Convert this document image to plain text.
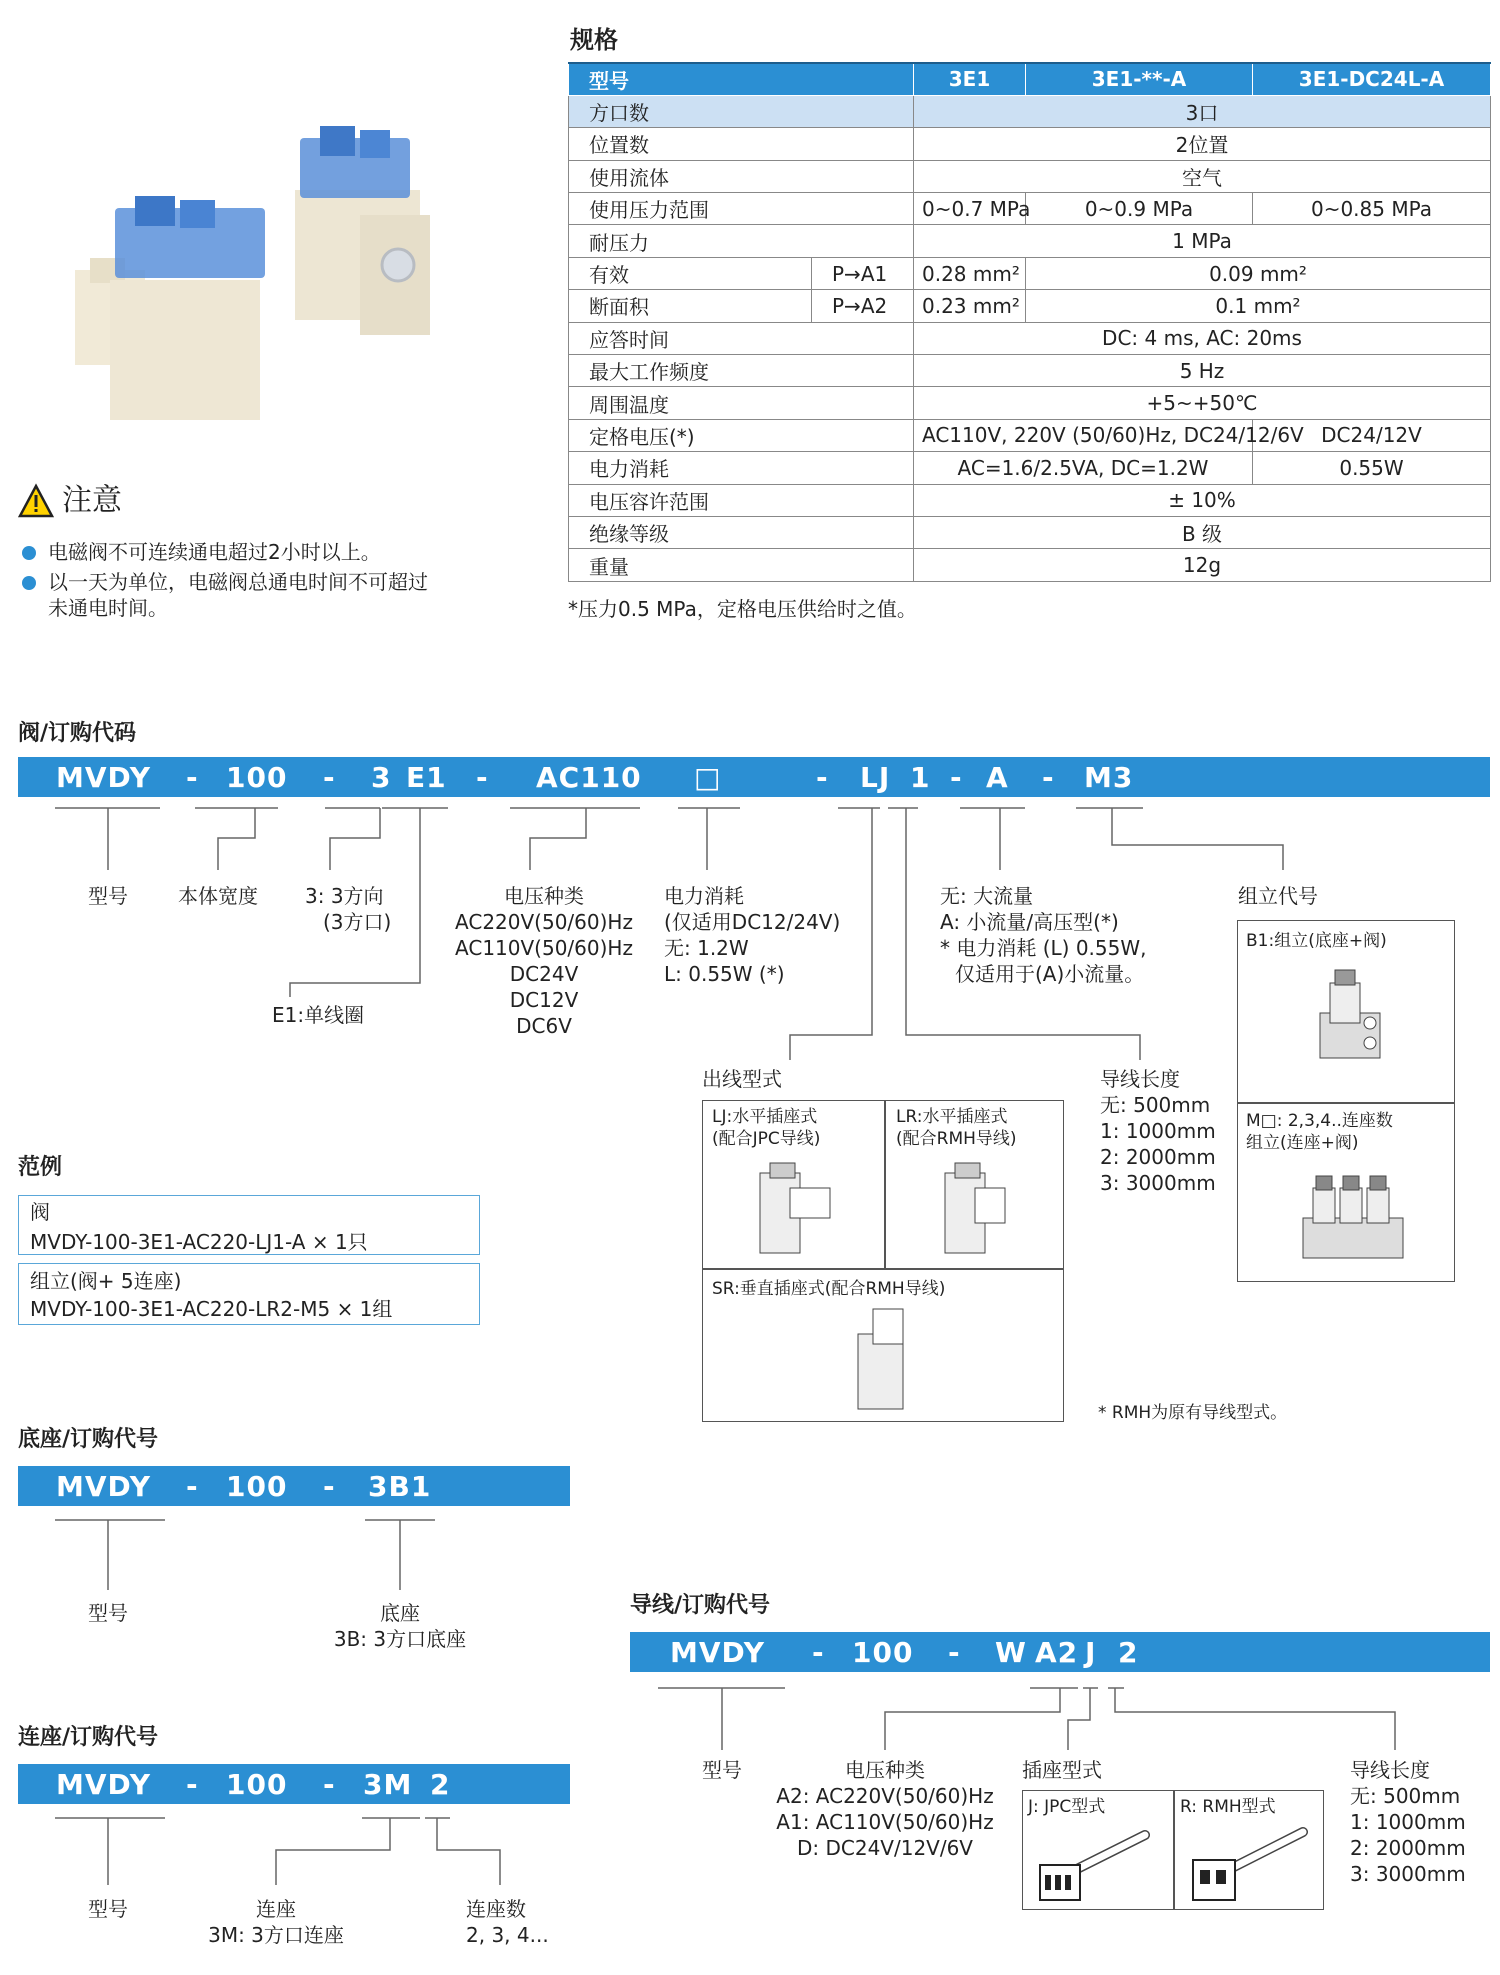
注意
电磁阀不可连续通电超过2小时以上。
以一天为单位，电磁阀总通电时间不可超过
未通电时间。
规格
型号		3E1	3E1-**-A	3E1-DC24L-A
方口数		3口		
位置数		2位置		
使用流体		空气		
使用压力范围		0~0.7 MPa	0~0.9 MPa	0~0.85 MPa
耐压力		1 MPa		
有效	P→A1	0.28 mm²	0.09 mm²	
断面积	P→A2	0.23 mm²	0.1 mm²	
应答时间		DC: 4 ms, AC: 20ms		
最大工作频度		5 Hz		
周围温度		+5~+50℃		
定格电压(*)		AC110V, 220V (50/60)Hz, DC24/12/6V		DC24/12V
电力消耗		AC=1.6/2.5VA, DC=1.2W		0.55W
电压容许范围		± 10%		
绝缘等级		B 级		
重量		12g		
*压力0.5 MPa，定格电压供给时之值。
阀/订购代码
MVDY - 100 - 3 E1 - AC110 □	- LJ 1 - A - M3
型号	本体宽度	3: 3方向
(3方口)
E1:单线圈
电压种类
AC220V(50/60)Hz
AC110V(50/60)Hz
DC24V
DC12V
DC6V
电力消耗
(仅适用DC12/24V)
无: 1.2W
L: 0.55W (*)
无: 大流量
A: 小流量/高压型(*)
* 电力消耗 (L) 0.55W,
仅适用于(A)小流量。
组立代号
B1:组立(底座+阀)
M□: 2,3,4..连座数
组立(连座+阀)
出线型式
LJ:水平插座式
(配合JPC导线)
LR:水平插座式
(配合RMH导线)
SR:垂直插座式(配合RMH导线)
导线长度
无: 500mm
1: 1000mm
2: 2000mm
3: 3000mm
* RMH为原有导线型式。
范例
阀
MVDY-100-3E1-AC220-LJ1-A × 1只
组立(阀+ 5连座)
MVDY-100-3E1-AC220-LR2-M5 × 1组
底座/订购代号
MVDY - 100 - 3B1
型号	底座
3B: 3方口底座
连座/订购代号
MVDY - 100 - 3M 2
型号	连座
3M: 3方口连座
连座数
2, 3, 4...
导线/订购代号
MVDY - 100 - W A2 J 2
型号	电压种类
A2: AC220V(50/60)Hz
A1: AC110V(50/60)Hz
D: DC24V/12V/6V
插座型式
J: JPC型式	R: RMH型式
导线长度
无: 500mm
1: 1000mm
2: 2000mm
3: 3000mm
